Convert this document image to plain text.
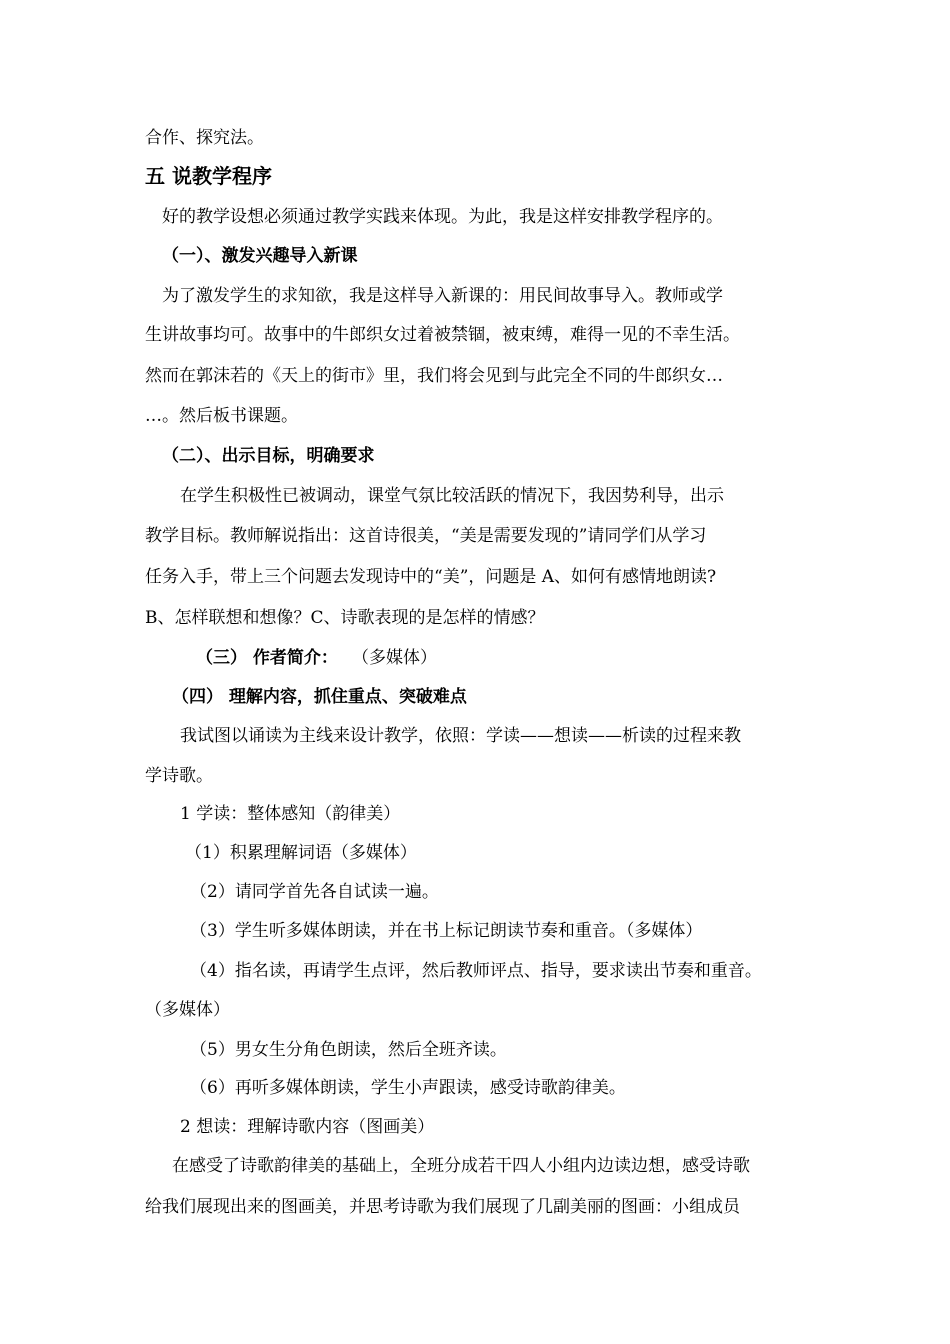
合作、探究法。
五 说教学程序
好的教学设想必须通过教学实践来体现。为此，我是这样安排教学程序的。
（一）、激发兴趣导入新课
为了激发学生的求知欲，我是这样导入新课的：用民间故事导入。教师或学
生讲故事均可。故事中的牛郎织女过着被禁锢，被束缚，难得一见的不幸生活。
然而在郭沫若的《天上的街市》里，我们将会见到与此完全不同的牛郎织女…
…。然后板书课题。
（二）、出示目标，明确要求
在学生积极性已被调动，课堂气氛比较活跃的情况下，我因势利导，出示
教学目标。教师解说指出：这首诗很美，“美是需要发现的”请同学们从学习
任务入手，带上三个问题去发现诗中的“美”，问题是 A、如何有感情地朗读?
B、怎样联想和想像？C、诗歌表现的是怎样的情感？
（三） 作者简介： （多媒体）
（四） 理解内容，抓住重点、突破难点
我试图以诵读为主线来设计教学，依照：学读——想读——析读的过程来教
学诗歌。
1 学读：整体感知（韵律美）
（1）积累理解词语（多媒体）
（2）请同学首先各自试读一遍。
（3）学生听多媒体朗读，并在书上标记朗读节奏和重音。（多媒体）
（4）指名读，再请学生点评，然后教师评点、指导，要求读出节奏和重音。
（多媒体）
（5）男女生分角色朗读，然后全班齐读。
（6）再听多媒体朗读，学生小声跟读，感受诗歌韵律美。
2 想读：理解诗歌内容（图画美）
在感受了诗歌韵律美的基础上，全班分成若干四人小组内边读边想，感受诗歌
给我们展现出来的图画美，并思考诗歌为我们展现了几副美丽的图画：小组成员
